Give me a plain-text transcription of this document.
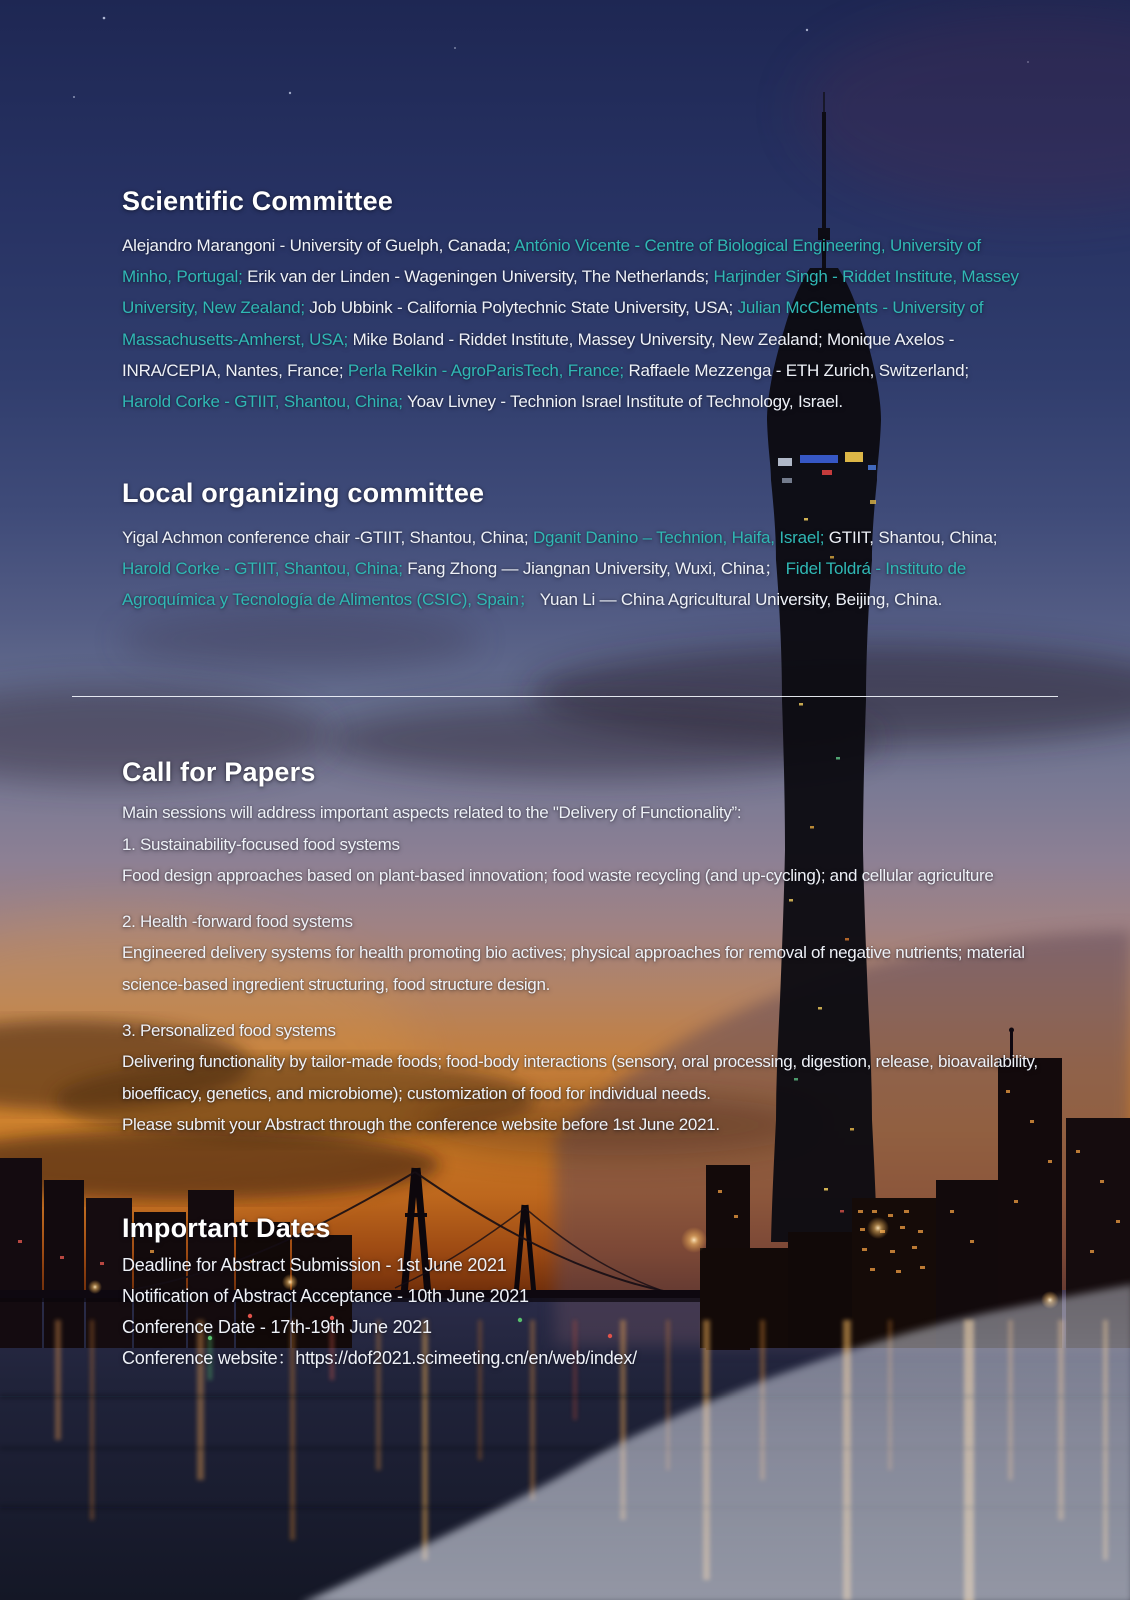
Scientific Committee

Alejandro Marangoni - University of Guelph, Canada; António Vicente - Centre of Biological Engineering, University of Minho, Portugal; Erik van der Linden - Wageningen University, The Netherlands; Harjinder Singh - Riddet Institute, Massey University, New Zealand; Job Ubbink - California Polytechnic State University, USA; Julian McClements - University of Massachusetts-Amherst, USA; Mike Boland - Riddet Institute, Massey University, New Zealand; Monique Axelos - INRA/CEPIA, Nantes, France; Perla Relkin - AgroParisTech, France; Raffaele Mezzenga - ETH Zurich, Switzerland; Harold Corke - GTIIT, Shantou, China; Yoav Livney - Technion Israel Institute of Technology, Israel.

Local organizing committee

Yigal Achmon conference chair -GTIIT, Shantou, China; Dganit Danino – Technion, Haifa, Israel; GTIIT, Shantou, China; Harold Corke - GTIIT, Shantou, China; Fang Zhong — Jiangnan University, Wuxi, China； Fidel Toldrá - Instituto de Agroquímica y Tecnología de Alimentos (CSIC), Spain； Yuan Li — China Agricultural University, Beijing, China.

Call for Papers

Main sessions will address important aspects related to the "Delivery of Functionality”:

1. Sustainability-focused food systems
Food design approaches based on plant-based innovation; food waste recycling (and up-cycling); and cellular agriculture
2. Health -forward food systems
Engineered delivery systems for health promoting bio actives; physical approaches for removal of negative nutrients; material science-based ingredient structuring, food structure design.
3. Personalized food systems
Delivering functionality by tailor-made foods; food-body interactions (sensory, oral processing, digestion, release, bioavailability, bioefficacy, genetics, and microbiome); customization of food for individual needs.

Please submit your Abstract through the conference website before 1st June 2021.

Important Dates
Deadline for Abstract Submission - 1st June 2021
Notification of Abstract Acceptance - 10th June 2021
Conference Date - 17th-19th June 2021
Conference website：https://dof2021.scimeeting.cn/en/web/index/
